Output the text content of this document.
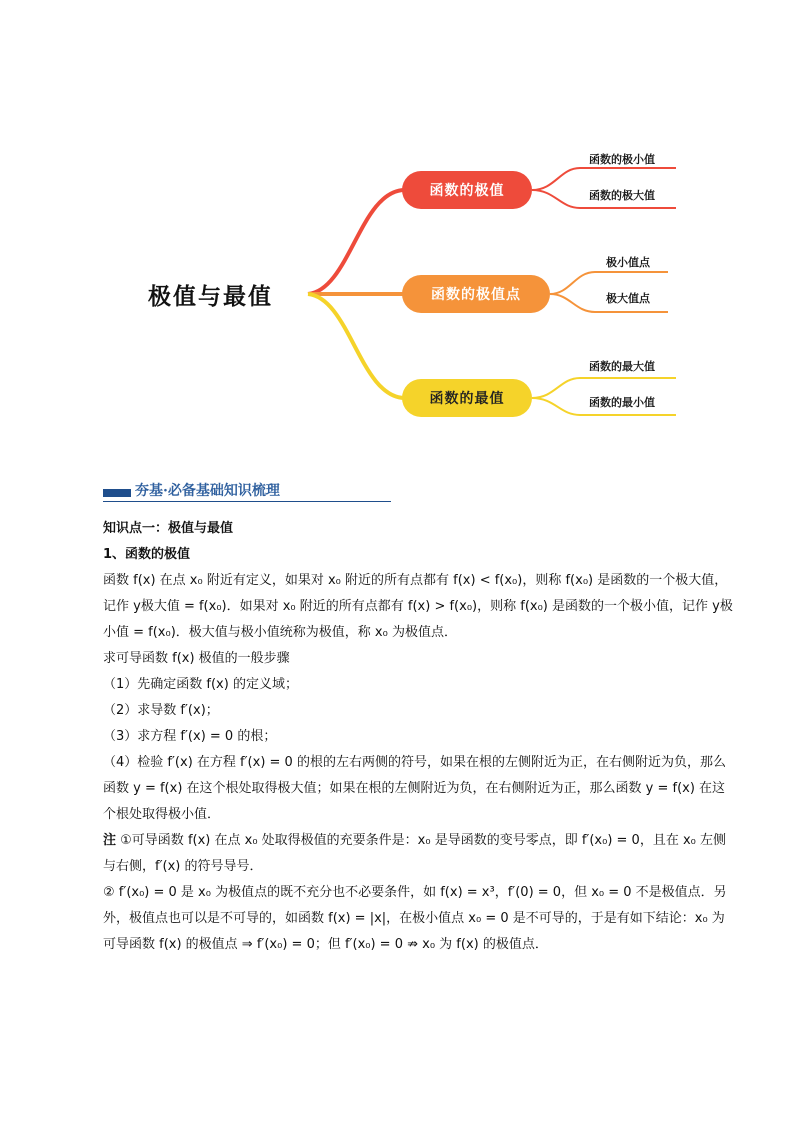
极值与最值
函数的极值
函数的极值点
函数的最值
函数的极小值
函数的极大值
极小值点
极大值点
函数的最大值
函数的最小值
夯基·必备基础知识梳理

知识点一：极值与最值

1、函数的极值

函数 f(x) 在点 x₀ 附近有定义，如果对 x₀ 附近的所有点都有 f(x) < f(x₀)，则称 f(x₀) 是函数的一个极大值，记作 y极大值 = f(x₀)．如果对 x₀ 附近的所有点都有 f(x) > f(x₀)，则称 f(x₀) 是函数的一个极小值，记作 y极小值 = f(x₀)．极大值与极小值统称为极值，称 x₀ 为极值点．

求可导函数 f(x) 极值的一般步骤

（1）先确定函数 f(x) 的定义域；

（2）求导数 f′(x)；

（3）求方程 f′(x) = 0 的根；

（4）检验 f′(x) 在方程 f′(x) = 0 的根的左右两侧的符号，如果在根的左侧附近为正，在右侧附近为负，那么函数 y = f(x) 在这个根处取得极大值；如果在根的左侧附近为负，在右侧附近为正，那么函数 y = f(x) 在这个根处取得极小值．

注 ①可导函数 f(x) 在点 x₀ 处取得极值的充要条件是：x₀ 是导函数的变号零点，即 f′(x₀) = 0，且在 x₀ 左侧与右侧，f′(x) 的符号导号．

② f′(x₀) = 0 是 x₀ 为极值点的既不充分也不必要条件，如 f(x) = x³，f′(0) = 0，但 x₀ = 0 不是极值点．另外，极值点也可以是不可导的，如函数 f(x) = |x|，在极小值点 x₀ = 0 是不可导的，于是有如下结论：x₀ 为可导函数 f(x) 的极值点 ⇒ f′(x₀) = 0；但 f′(x₀) = 0 ⇏ x₀ 为 f(x) 的极值点．
